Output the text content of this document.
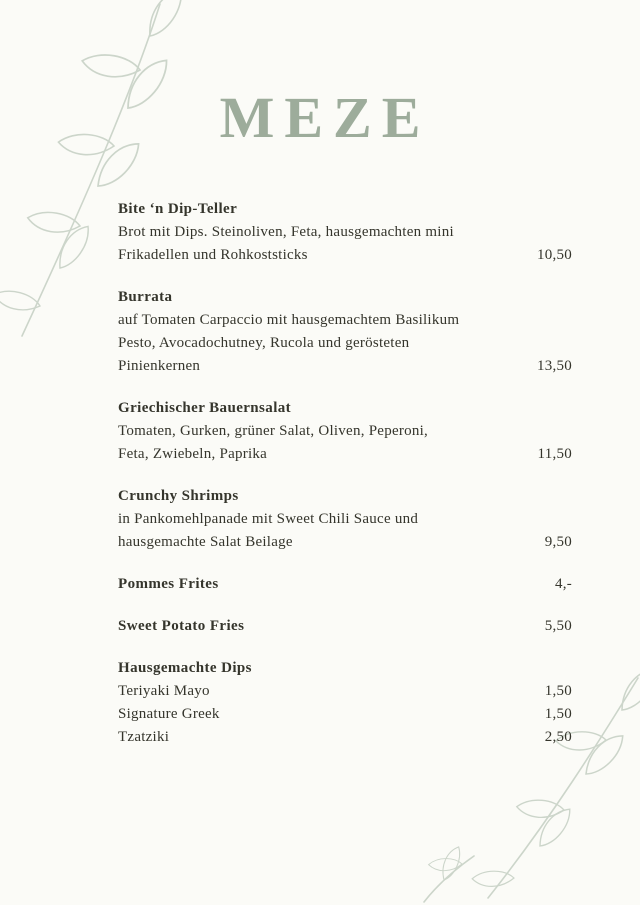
MEZE
Bite ‘n Dip-Teller
Brot mit Dips. Steinoliven, Feta, hausgemachten mini
Frikadellen und Rohkoststicks	10,50
Burrata
auf Tomaten Carpaccio mit hausgemachtem Basilikum
Pesto, Avocadochutney, Rucola und gerösteten
Pinienkernen	13,50
Griechischer Bauernsalat
Tomaten, Gurken, grüner Salat, Oliven, Peperoni,
Feta, Zwiebeln, Paprika	11,50
Crunchy Shrimps
in Pankomehlpanade mit Sweet Chili Sauce und
hausgemachte Salat Beilage	9,50
Pommes Frites	4,-
Sweet Potato Fries	5,50
Hausgemachte Dips
Teriyaki Mayo	1,50
Signature Greek	1,50
Tzatziki	2,50
